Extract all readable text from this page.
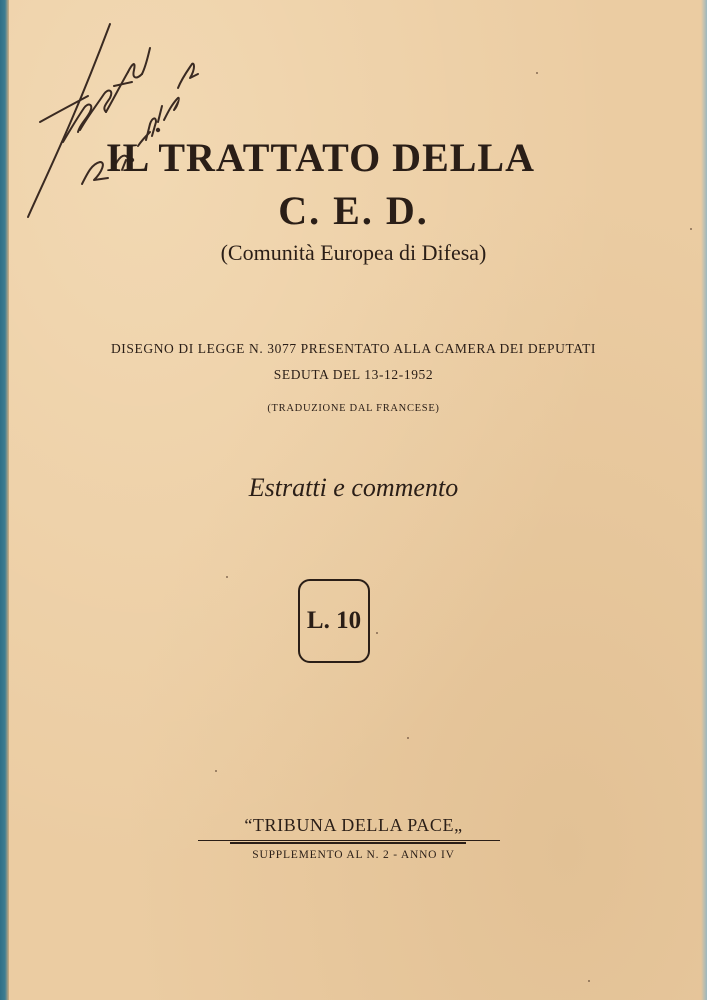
IL TRATTATO DELLA
C. E. D.
(Comunità Europea di Difesa)
DISEGNO DI LEGGE N. 3077 PRESENTATO ALLA CAMERA DEI DEPUTATI
SEDUTA DEL 13-12-1952
(TRADUZIONE DAL FRANCESE)
Estratti e commento
L. 10
“TRIBUNA DELLA PACE„
SUPPLEMENTO AL N. 2 - ANNO IV
